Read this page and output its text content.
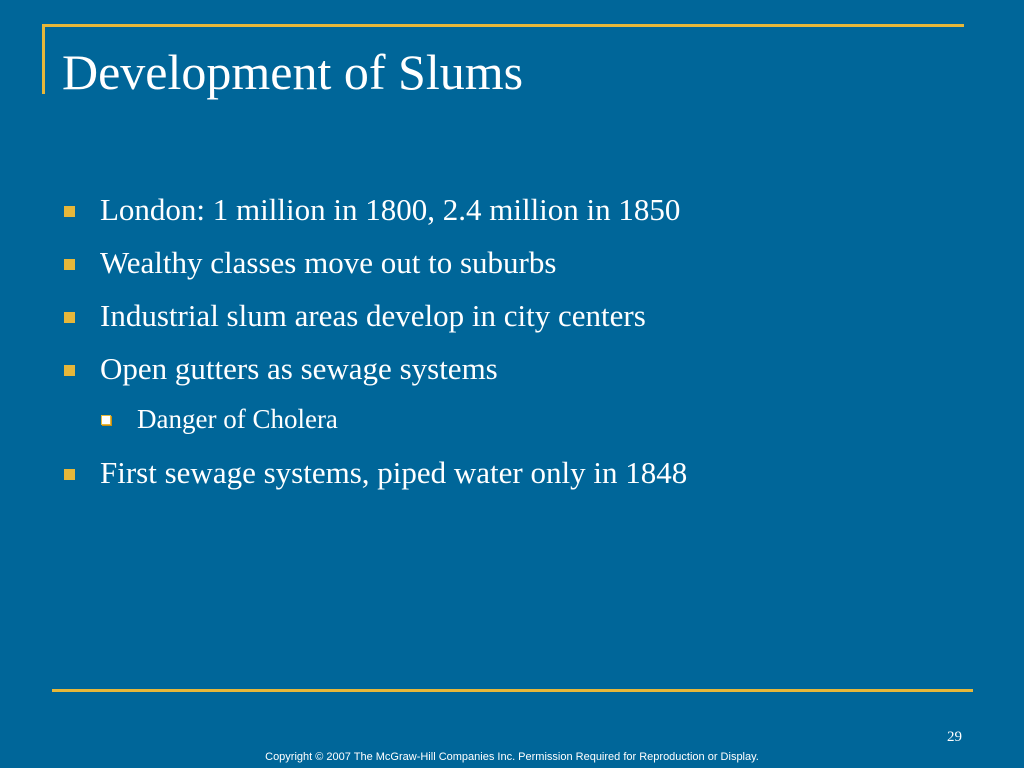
Development of Slums
London: 1 million in 1800, 2.4 million in 1850
Wealthy classes move out to suburbs
Industrial slum areas develop in city centers
Open gutters as sewage systems
Danger of Cholera
First sewage systems, piped water only in 1848
29
Copyright © 2007 The McGraw-Hill Companies Inc. Permission Required for Reproduction or Display.
